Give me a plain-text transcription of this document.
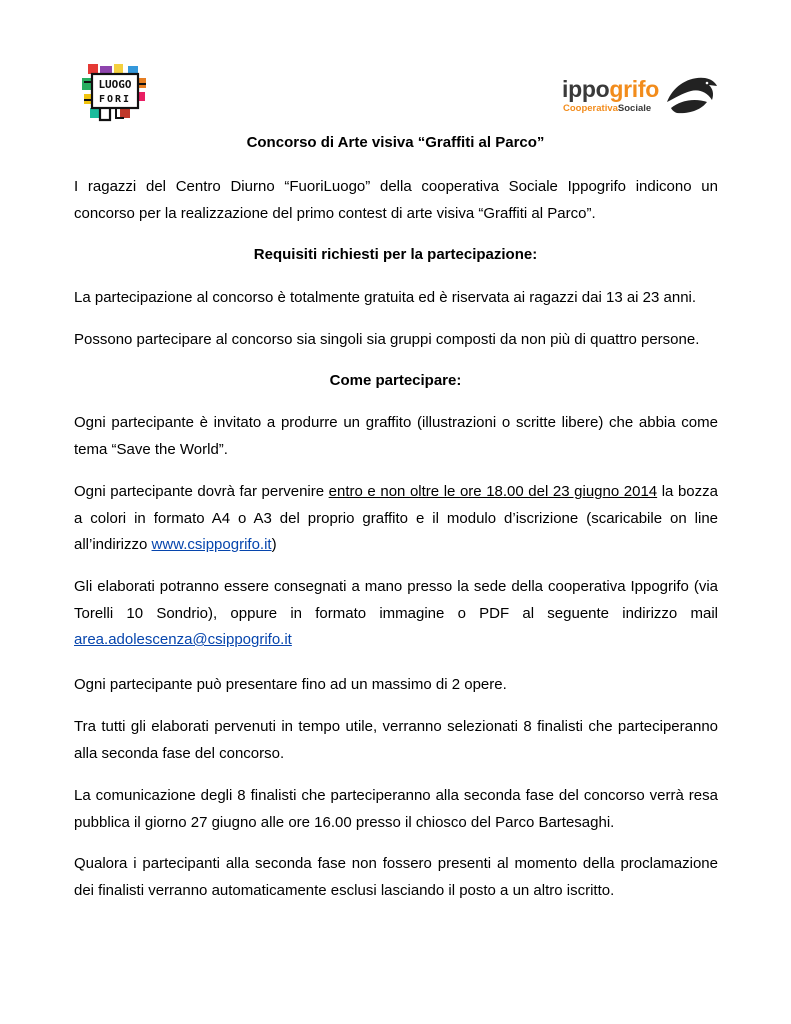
LUOGO
FORI	ippogrifo
CooperativaSociale
Concorso di Arte visiva “Graffiti al Parco”

I ragazzi del Centro Diurno “FuoriLuogo” della cooperativa Sociale Ippogrifo indicono un concorso per la realizzazione del primo contest di arte visiva “Graffiti al Parco”.

Requisiti richiesti per la partecipazione:

La partecipazione al concorso è totalmente gratuita ed è riservata ai ragazzi dai 13 ai 23 anni.

Possono partecipare al concorso sia singoli sia gruppi composti da non più di quattro persone.

Come partecipare:

Ogni partecipante è invitato a produrre un graffito (illustrazioni o scritte libere) che abbia come tema “Save the World”.

Ogni partecipante dovrà far pervenire entro e non oltre le ore 18.00 del 23 giugno 2014 la bozza a colori in formato A4 o A3 del proprio graffito e il modulo d’iscrizione (scaricabile on line all’indirizzo www.csippogrifo.it)

Gli elaborati potranno essere consegnati a mano presso la sede della cooperativa Ippogrifo (via Torelli 10 Sondrio), oppure in formato immagine o PDF al seguente indirizzo mail area.adolescenza@csippogrifo.it

Ogni partecipante può presentare fino ad un massimo di 2 opere.

Tra tutti gli elaborati pervenuti in tempo utile, verranno selezionati 8 finalisti che parteciperanno alla seconda fase del concorso.

La comunicazione degli 8 finalisti che parteciperanno alla seconda fase del concorso verrà resa pubblica il giorno 27 giugno alle ore 16.00 presso il chiosco del Parco Bartesaghi.

Qualora i partecipanti alla seconda fase non fossero presenti al momento della proclamazione dei finalisti verranno automaticamente esclusi lasciando il posto a un altro iscritto.
